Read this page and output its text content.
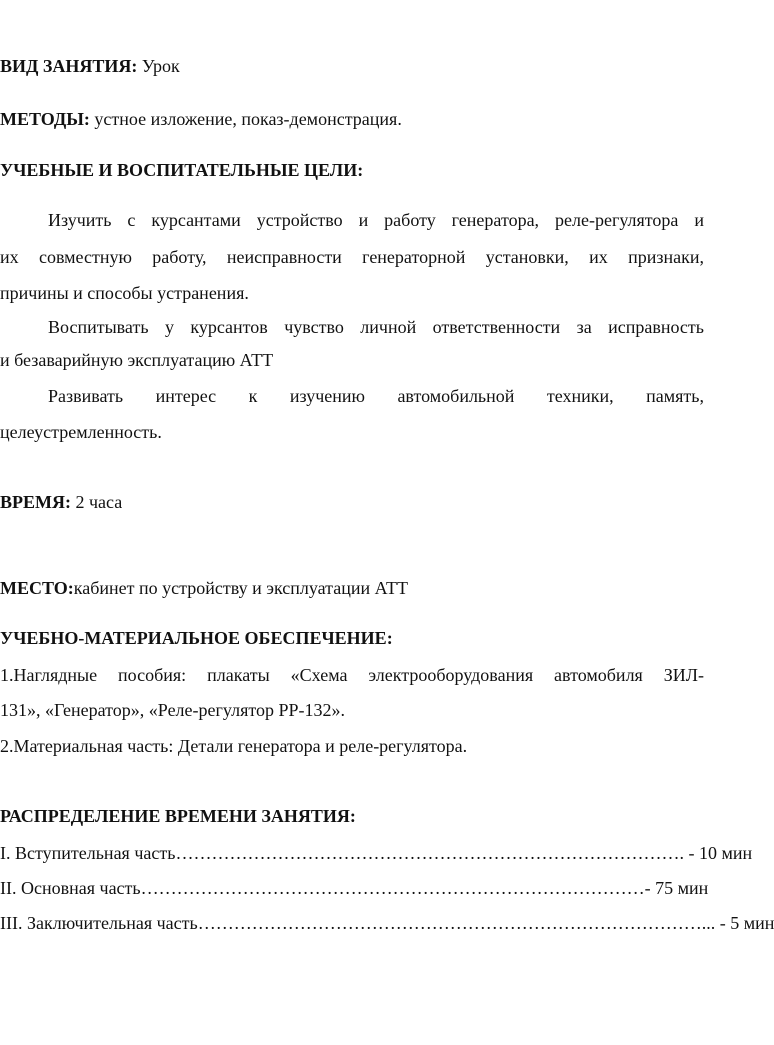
ВИД ЗАНЯТИЯ: Урок
МЕТОДЫ: устное изложение, показ-демонстрация.
УЧЕБНЫЕ И ВОСПИТАТЕЛЬНЫЕ ЦЕЛИ:
Изучить с курсантами устройство и работу генератора, реле-регулятора и
их совместную работу, неисправности генераторной установки, их признаки,
причины и способы устранения.
Воспитывать у курсантов чувство личной ответственности за исправность
и безаварийную эксплуатацию АТТ
Развивать интерес к изучению автомобильной техники, память,
целеустремленность.
ВРЕМЯ: 2 часа
МЕСТО:кабинет по устройству и эксплуатации АТТ
УЧЕБНО-МАТЕРИАЛЬНОЕ ОБЕСПЕЧЕНИЕ:
1.Наглядные пособия: плакаты «Схема электрооборудования автомобиля ЗИЛ-
131», «Генератор», «Реле-регулятор РР-132».
2.Материальная часть: Детали генератора и реле-регулятора.
РАСПРЕДЕЛЕНИЕ ВРЕМЕНИ ЗАНЯТИЯ:
I. Вступительная часть ………………………………………………………………………… . - 10 мин
II. Основная часть ………………………………………………………………………… - 75 мин
III. Заключительная часть ………………………………………………………………………… ... - 5 мин
